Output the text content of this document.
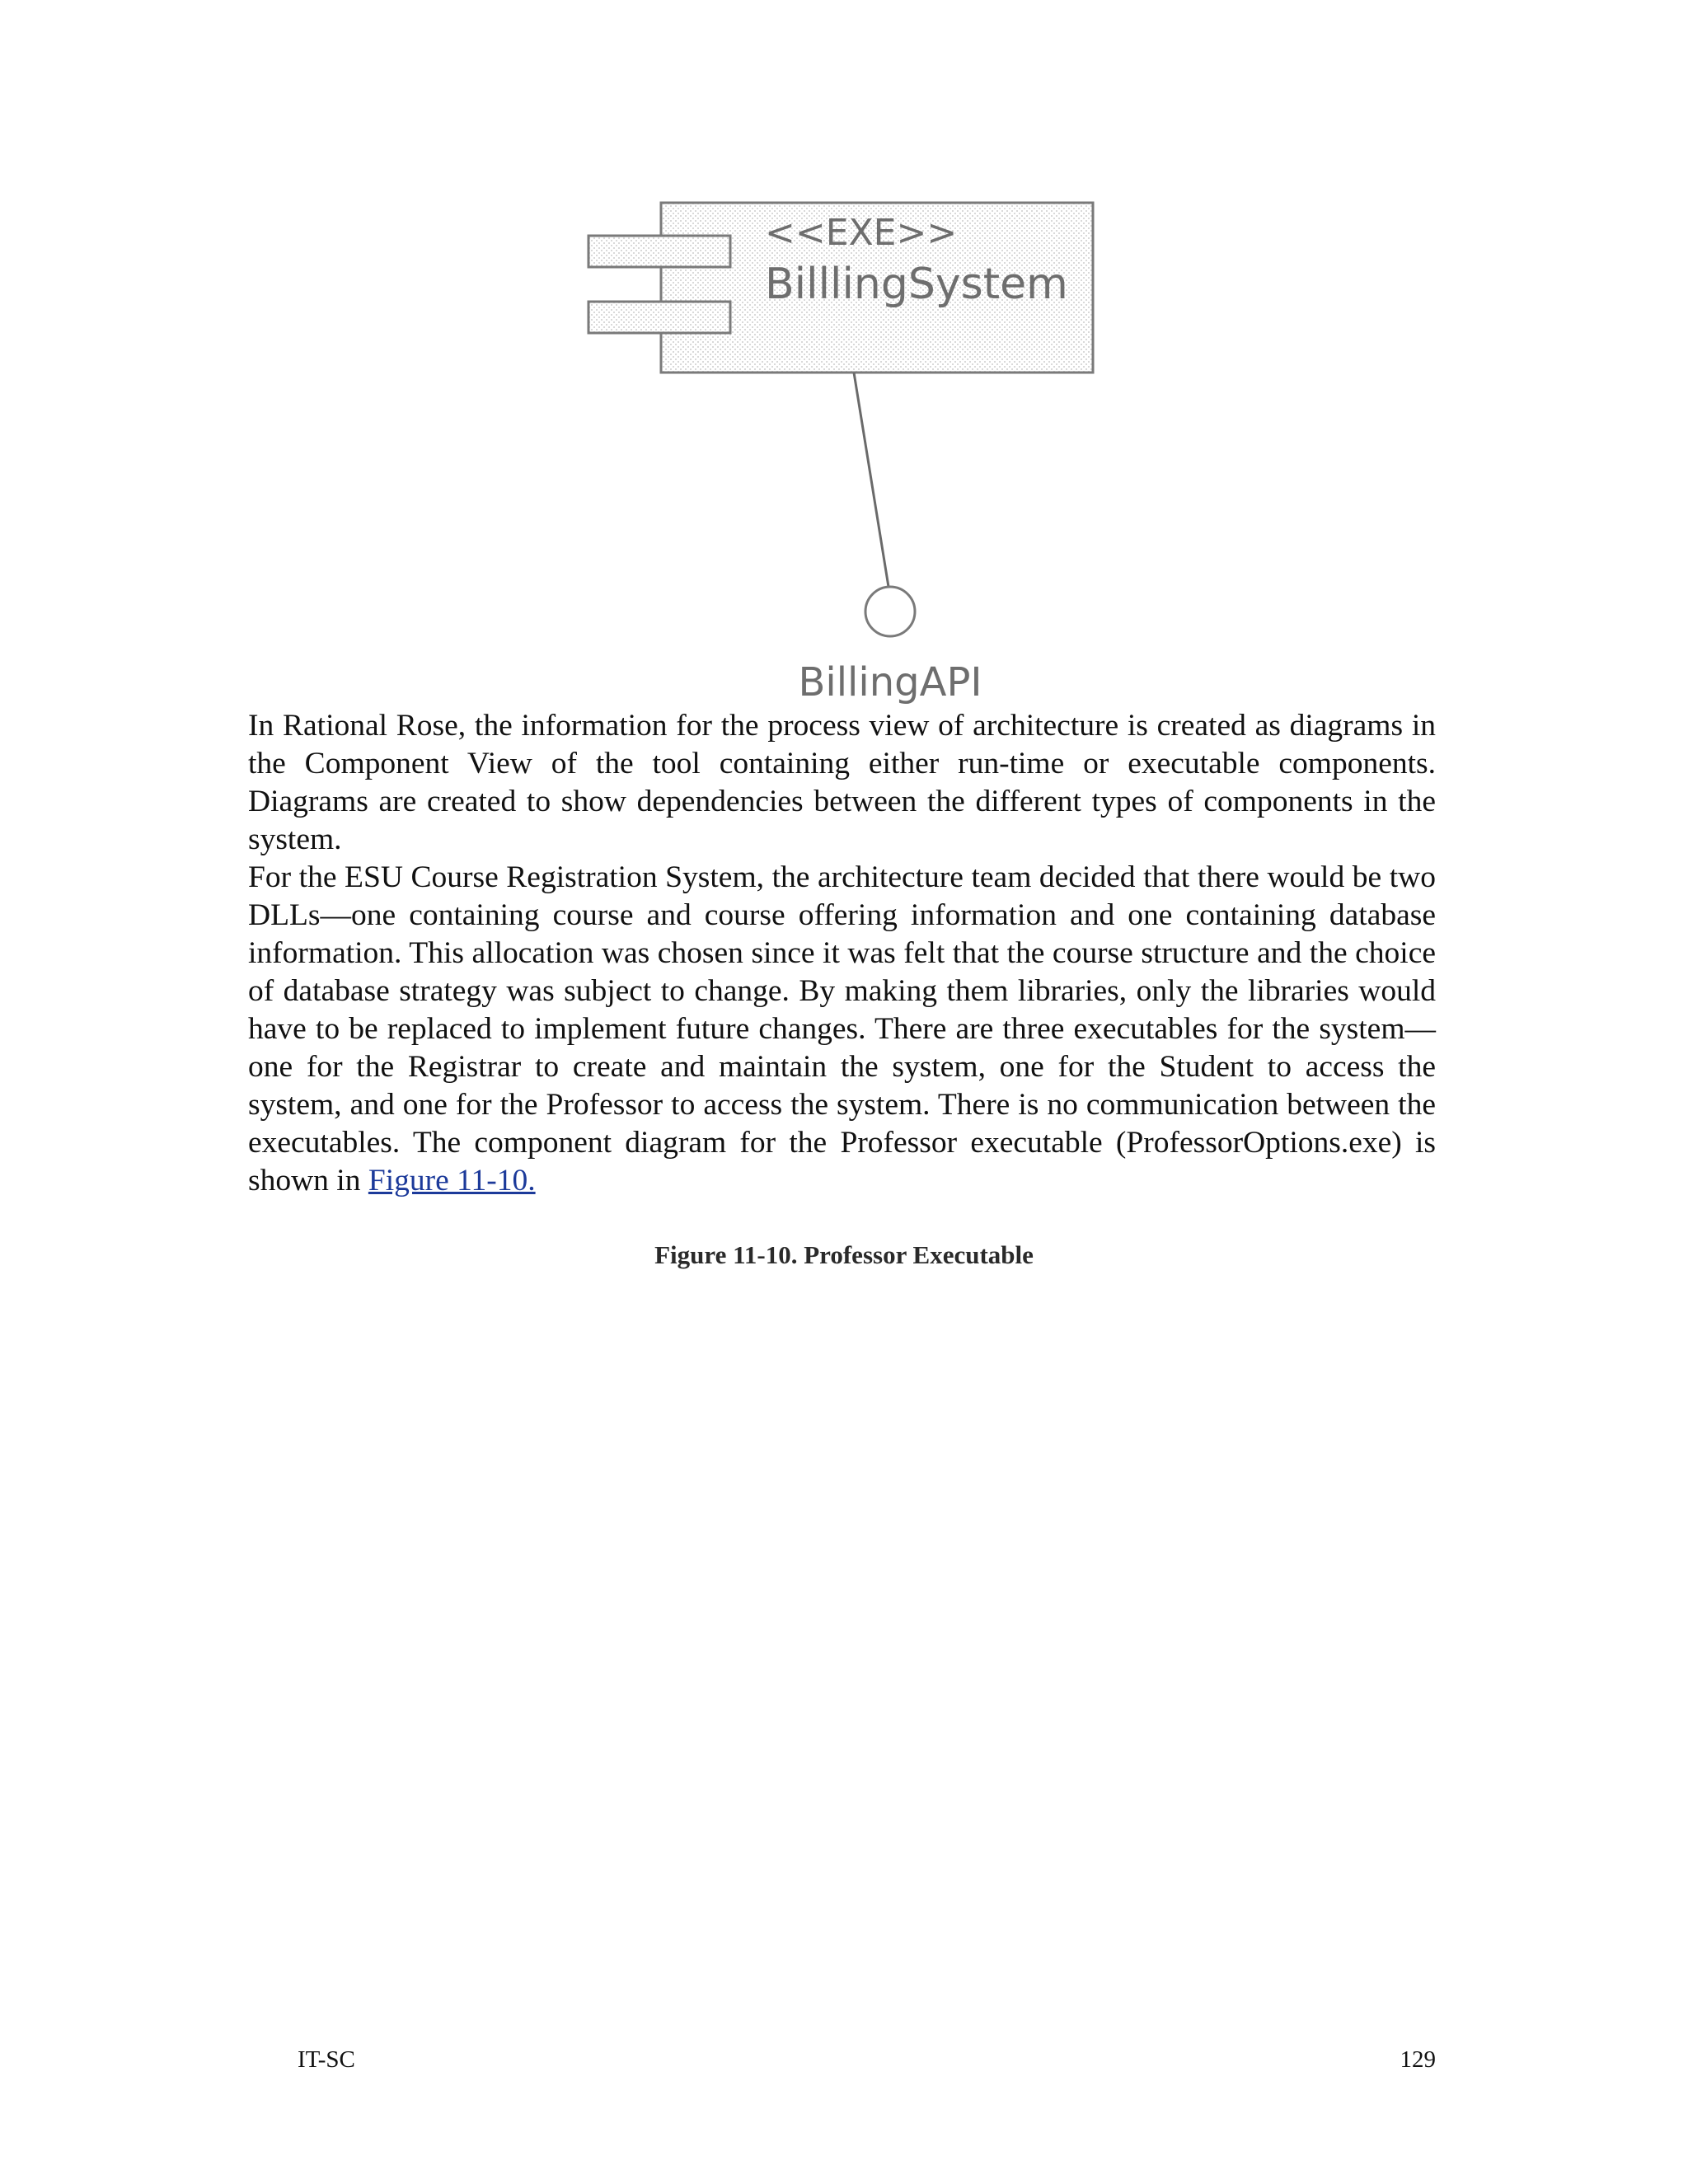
<<EXE>>
BilllingSystem
BillingAPI

In Rational Rose, the information for the process view of architecture is created as diagrams in the Component View of the tool containing either run-time or executable components. Diagrams are created to show dependencies between the different types of components in the system.

For the ESU Course Registration System, the architecture team decided that there would be two DLLs—one containing course and course offering information and one containing database information. This allocation was chosen since it was felt that the course structure and the choice of database strategy was subject to change. By making them libraries, only the libraries would have to be replaced to implement future changes. There are three executables for the system—one for the Registrar to create and maintain the system, one for the Student to access the system, and one for the Professor to access the system. There is no communication between the executables. The component diagram for the Professor executable (ProfessorOptions.exe) is shown in Figure 11-10.

Figure 11-10. Professor Executable
IT-SC	129
